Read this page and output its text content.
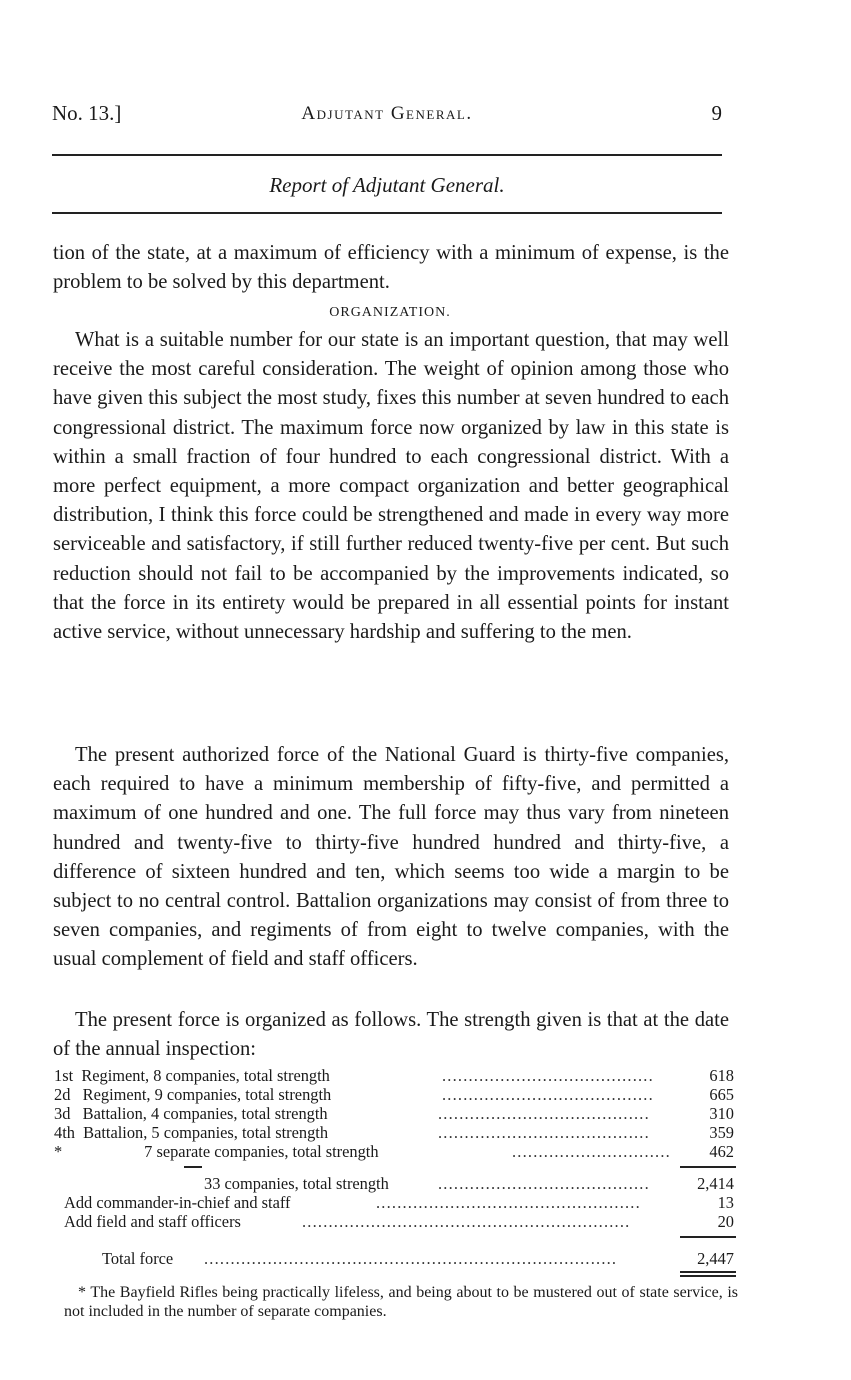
No. 13.]	Adjutant General.	9
Report of Adjutant General.

tion of the state, at a maximum of efficiency with a minimum of expense, is the problem to be solved by this department.

ORGANIZATION.

What is a suitable number for our state is an important question, that may well receive the most careful consideration. The weight of opinion among those who have given this subject the most study, fixes this number at seven hundred to each congressional district. The maximum force now organized by law in this state is within a small fraction of four hundred to each congressional district. With a more perfect equipment, a more compact organization and better geographical distribution, I think this force could be strengthened and made in every way more serviceable and satisfactory, if still further reduced twenty-five per cent. But such reduction should not fail to be accompanied by the improvements indicated, so that the force in its entirety would be prepared in all essential points for instant active service, without unnecessary hardship and suffering to the men.

The present authorized force of the National Guard is thirty-five companies, each required to have a minimum membership of fifty-five, and permitted a maximum of one hundred and one. The full force may thus vary from nineteen hundred and twenty-five to thirty-five hundred hundred and thirty-five, a difference of sixteen hundred and ten, which seems too wide a margin to be subject to no central control. Battalion organizations may consist of from three to seven companies, and regiments of from eight to twelve companies, with the usual complement of field and staff officers.

The present force is organized as follows. The strength given is that at the date of the annual inspection:

1st  Regiment, 8 companies, total strength	........................................	618
2d   Regiment, 9 companies, total strength	........................................	665
3d   Battalion, 4 companies, total strength	........................................	310
4th  Battalion, 5 companies, total strength	........................................	359
*                    7 separate companies, total strength	..............................	462
33 companies, total strength	........................................	2,414
Add commander-in-chief and staff	..................................................	13
Add field and staff officers	..............................................................	20
Total force ..............................................................................	2,447
* The Bayfield Rifles being practically lifeless, and being about to be mustered out of state service, is not included in the number of separate companies.
